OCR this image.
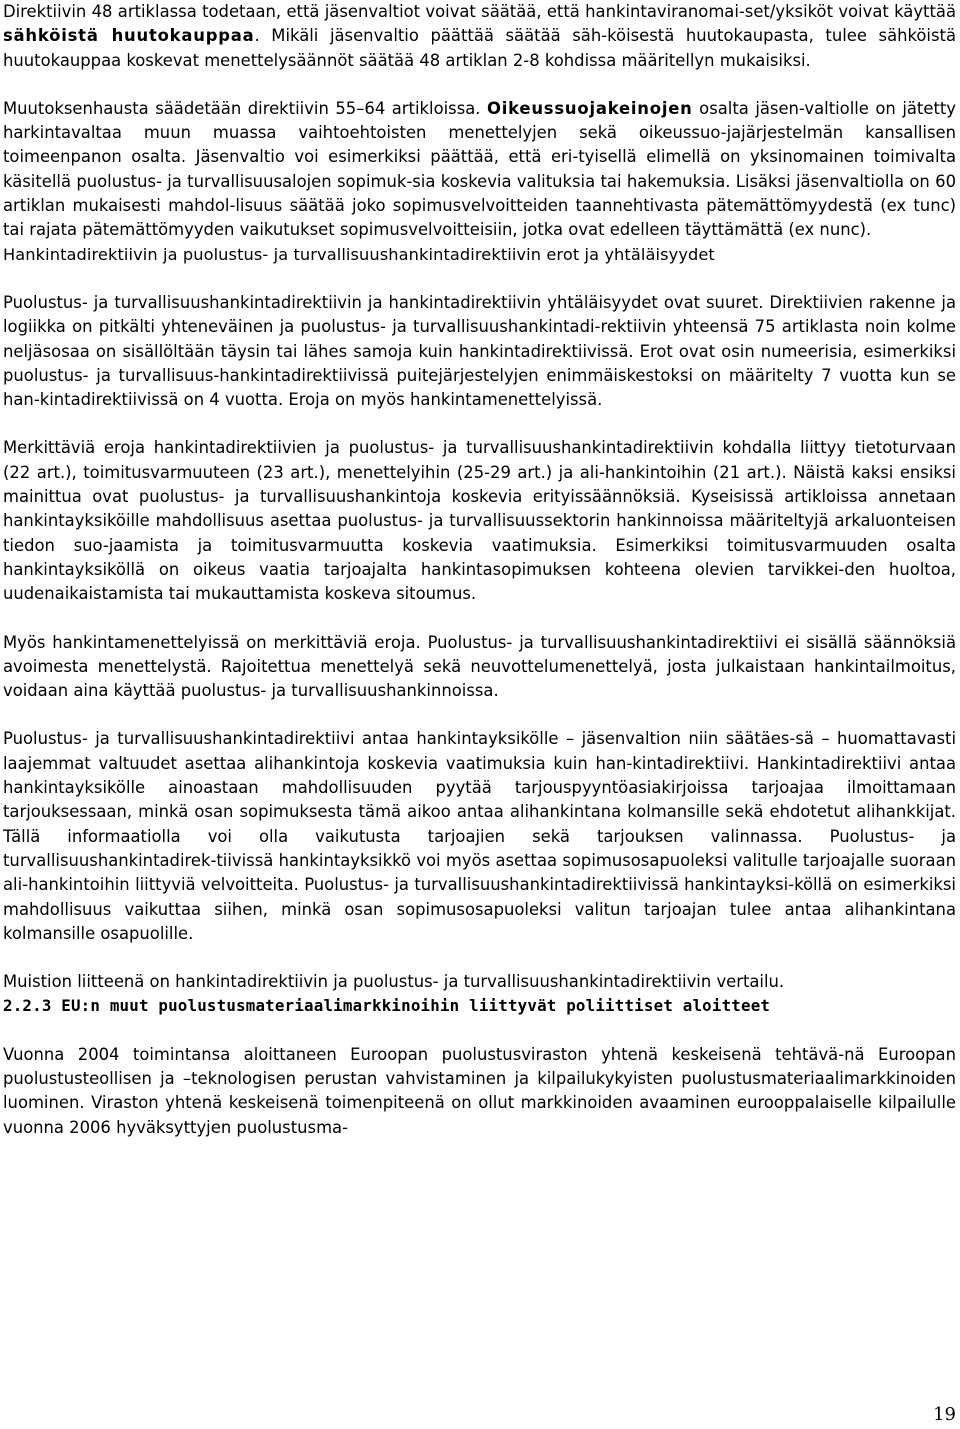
Direktiivin 48 artiklassa todetaan, että jäsenvaltiot voivat säätää, että hankintaviranomai-set/yksiköt voivat käyttää sähköistä huutokauppaa. Mikäli jäsenvaltio päättää säätää säh-köisestä huutokaupasta, tulee sähköistä huutokauppaa koskevat menettelysäännöt säätää 48 artiklan 2-8 kohdissa määritellyn mukaisiksi.

Muutoksenhausta säädetään direktiivin 55–64 artikloissa. Oikeussuojakeinojen osalta jäsen-valtiolle on jätetty harkintavaltaa muun muassa vaihtoehtoisten menettelyjen sekä oikeussuo-jajärjestelmän kansallisen toimeenpanon osalta. Jäsenvaltio voi esimerkiksi päättää, että eri-tyisellä elimellä on yksinomainen toimivalta käsitellä puolustus- ja turvallisuusalojen sopimuk-sia koskevia valituksia tai hakemuksia. Lisäksi jäsenvaltiolla on 60 artiklan mukaisesti mahdol-lisuus säätää joko sopimusvelvoitteiden taannehtivasta pätemättömyydestä (ex tunc) tai rajata pätemättömyyden vaikutukset sopimusvelvoitteisiin, jotka ovat edelleen täyttämättä (ex nunc).

Hankintadirektiivin ja puolustus- ja turvallisuushankintadirektiivin erot ja yhtäläisyydet

Puolustus- ja turvallisuushankintadirektiivin ja hankintadirektiivin yhtäläisyydet ovat suuret. Direktiivien rakenne ja logiikka on pitkälti yhteneväinen ja puolustus- ja turvallisuushankintadi-rektiivin yhteensä 75 artiklasta noin kolme neljäsosaa on sisällöltään täysin tai lähes samoja kuin hankintadirektiivissä. Erot ovat osin numeerisia, esimerkiksi puolustus- ja turvallisuus-hankintadirektiivissä puitejärjestelyjen enimmäiskestoksi on määritelty 7 vuotta kun se han-kintadirektiivissä on 4 vuotta. Eroja on myös hankintamenettelyissä.

Merkittäviä eroja hankintadirektiivien ja puolustus- ja turvallisuushankintadirektiivin kohdalla liittyy tietoturvaan (22 art.), toimitusvarmuuteen (23 art.), menettelyihin (25-29 art.) ja ali-hankintoihin (21 art.). Näistä kaksi ensiksi mainittua ovat puolustus- ja turvallisuushankintoja koskevia erityissäännöksiä. Kyseisissä artikloissa annetaan hankintayksiköille mahdollisuus asettaa puolustus- ja turvallisuussektorin hankinnoissa määriteltyjä arkaluonteisen tiedon suo-jaamista ja toimitusvarmuutta koskevia vaatimuksia. Esimerkiksi toimitusvarmuuden osalta hankintayksiköllä on oikeus vaatia tarjoajalta hankintasopimuksen kohteena olevien tarvikkei-den huoltoa, uudenaikaistamista tai mukauttamista koskeva sitoumus.

Myös hankintamenettelyissä on merkittäviä eroja. Puolustus- ja turvallisuushankintadirektiivi ei sisällä säännöksiä avoimesta menettelystä. Rajoitettua menettelyä sekä neuvottelumenettelyä, josta julkaistaan hankintailmoitus, voidaan aina käyttää puolustus- ja turvallisuushankinnoissa.

Puolustus- ja turvallisuushankintadirektiivi antaa hankintayksikölle – jäsenvaltion niin säätäes-sä – huomattavasti laajemmat valtuudet asettaa alihankintoja koskevia vaatimuksia kuin han-kintadirektiivi. Hankintadirektiivi antaa hankintayksikölle ainoastaan mahdollisuuden pyytää tarjouspyyntöasiakirjoissa tarjoajaa ilmoittamaan tarjouksessaan, minkä osan sopimuksesta tämä aikoo antaa alihankintana kolmansille sekä ehdotetut alihankkijat. Tällä informaatiolla voi olla vaikutusta tarjoajien sekä tarjouksen valinnassa. Puolustus- ja turvallisuushankintadirek-tiivissä hankintayksikkö voi myös asettaa sopimusosapuoleksi valitulle tarjoajalle suoraan ali-hankintoihin liittyviä velvoitteita. Puolustus- ja turvallisuushankintadirektiivissä hankintayksi-köllä on esimerkiksi mahdollisuus vaikuttaa siihen, minkä osan sopimusosapuoleksi valitun tarjoajan tulee antaa alihankintana kolmansille osapuolille.

Muistion liitteenä on hankintadirektiivin ja puolustus- ja turvallisuushankintadirektiivin vertailu.

2.2.3 EU:n muut puolustusmateriaalimarkkinoihin liittyvät poliittiset aloitteet

Vuonna 2004 toimintansa aloittaneen Euroopan puolustusviraston yhtenä keskeisenä tehtävä-nä Euroopan puolustusteollisen ja –teknologisen perustan vahvistaminen ja kilpailukykyisten puolustusmateriaalimarkkinoiden luominen. Viraston yhtenä keskeisenä toimenpiteenä on ollut markkinoiden avaaminen eurooppalaiselle kilpailulle vuonna 2006 hyväksyttyjen puolustusma-

19
